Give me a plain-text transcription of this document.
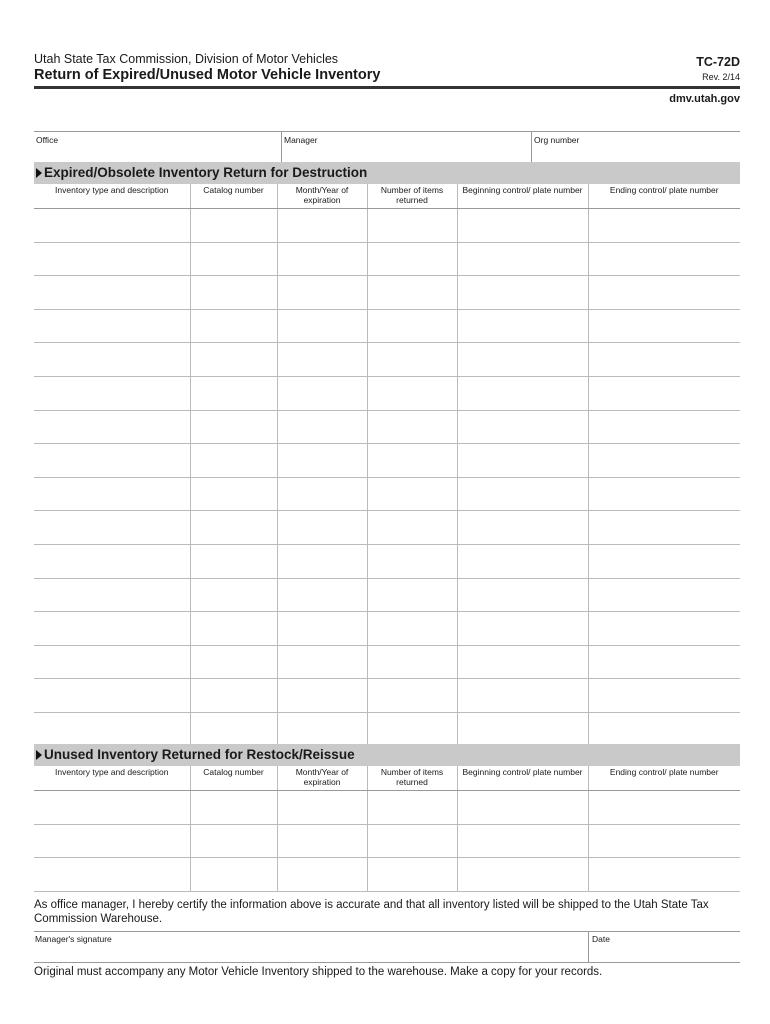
Utah State Tax Commission, Division of Motor Vehicles
Return of Expired/Unused Motor Vehicle Inventory
TC-72D
Rev. 2/14
dmv.utah.gov
Office	Manager	Org number
Expired/Obsolete Inventory Return for Destruction
Inventory type and description	Catalog number	Month/Year of expiration	Number of items returned	Beginning control/ plate number	Ending control/ plate number

Unused Inventory Returned for Restock/Reissue
Inventory type and description	Catalog number	Month/Year of expiration	Number of items returned	Beginning control/ plate number	Ending control/ plate number

As office manager, I hereby certify the information above is accurate and that all inventory listed will be shipped to the Utah State Tax Commission Warehouse.
Manager's signature	Date
Original must accompany any Motor Vehicle Inventory shipped to the warehouse. Make a copy for your records.
